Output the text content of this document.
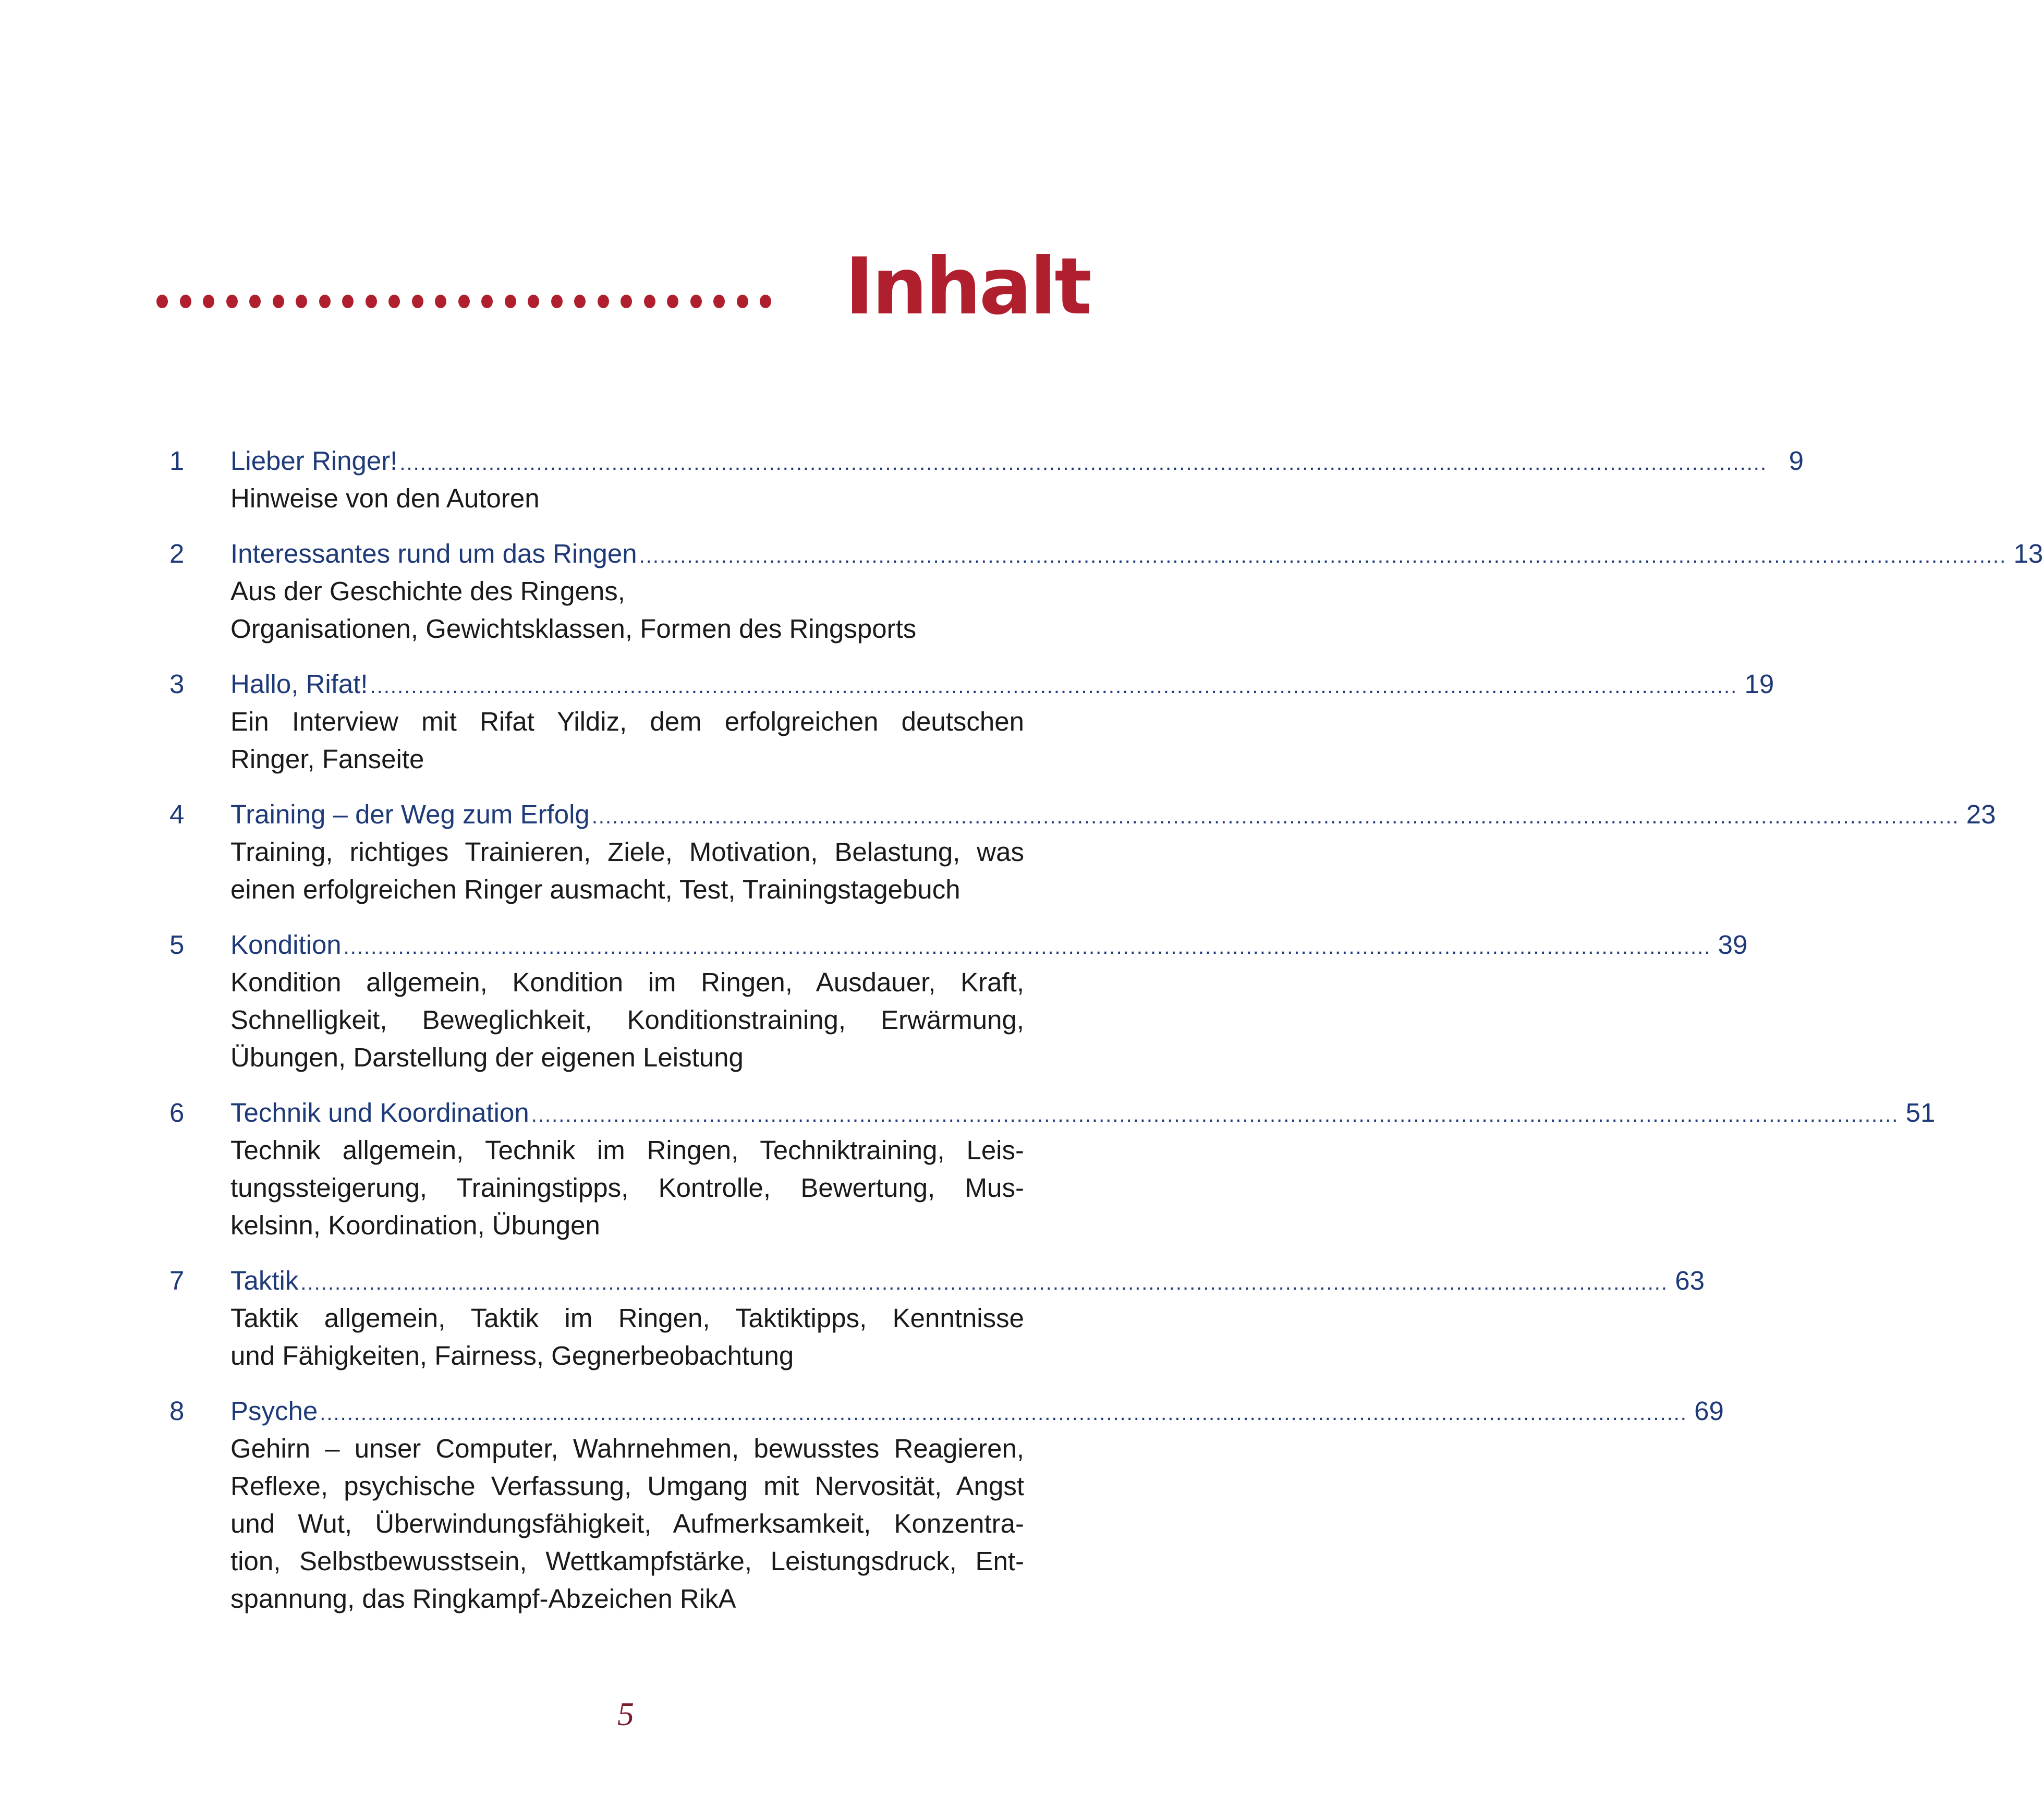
Inhalt
1	Lieber Ringer! ........................................................................................................................................................................................................ 9
Hinweise von den Autoren
2	Interessantes rund um das Ringen ........................................................................................................................................................................................................ 13
Aus der Geschichte des Ringens,
Organisationen, Gewichtsklassen, Formen des Ringsports
3	Hallo, Rifat! ........................................................................................................................................................................................................ 19
Ein Interview mit Rifat Yildiz, dem erfolgreichen deutschen
Ringer, Fanseite
4	Training – der Weg zum Erfolg ........................................................................................................................................................................................................ 23
Training, richtiges Trainieren, Ziele, Motivation, Belastung, was
einen erfolgreichen Ringer ausmacht, Test, Trainingstagebuch
5	Kondition ........................................................................................................................................................................................................ 39
Kondition allgemein, Kondition im Ringen, Ausdauer, Kraft,
Schnelligkeit, Beweglichkeit, Konditionstraining, Erwärmung,
Übungen, Darstellung der eigenen Leistung
6	Technik und Koordination ........................................................................................................................................................................................................ 51
Technik allgemein, Technik im Ringen, Techniktraining, Leis-
tungssteigerung, Trainingstipps, Kontrolle, Bewertung, Mus-
kelsinn, Koordination, Übungen
7	Taktik ........................................................................................................................................................................................................ 63
Taktik allgemein, Taktik im Ringen, Taktiktipps, Kenntnisse
und Fähigkeiten, Fairness, Gegnerbeobachtung
8	Psyche ........................................................................................................................................................................................................ 69
Gehirn – unser Computer, Wahrnehmen, bewusstes Reagieren,
Reflexe, psychische Verfassung, Umgang mit Nervosität, Angst
und Wut, Überwindungsfähigkeit, Aufmerksamkeit, Konzentra-
tion, Selbstbewusstsein, Wettkampfstärke, Leistungsdruck, Ent-
spannung, das Ringkampf-Abzeichen RikA
5
